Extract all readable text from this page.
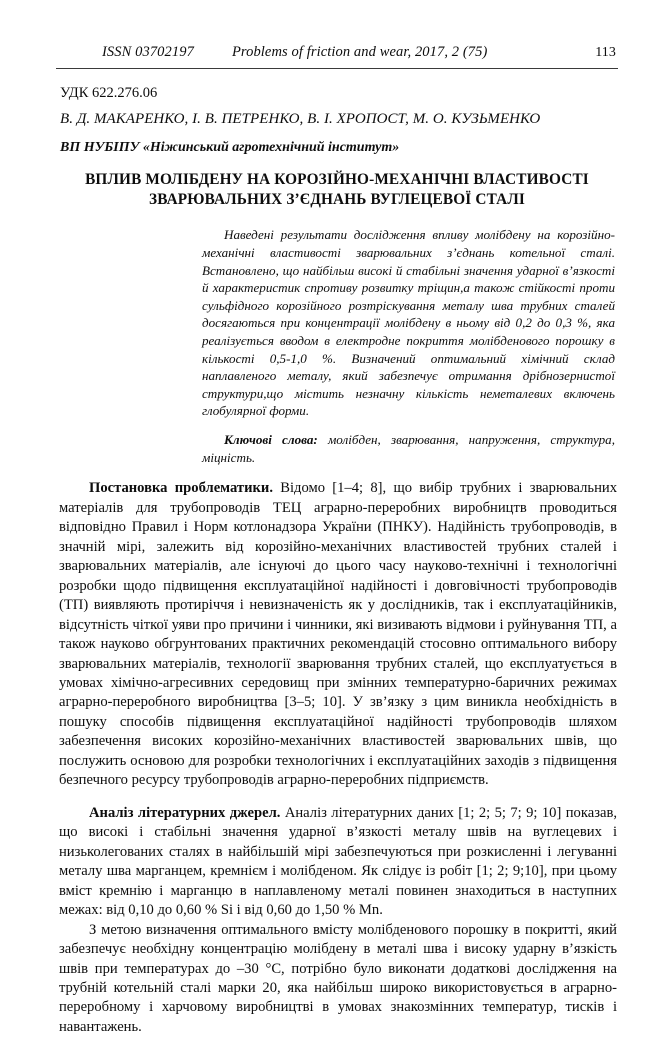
ISSN 03702197	Problems of friction and wear, 2017, 2 (75)	113
УДК 622.276.06
В. Д. МАКАРЕНКО, І. В. ПЕТРЕНКО, В. І. ХРОПОСТ, М. О. КУЗЬМЕНКО
ВП НУБІПУ «Ніжинський агротехнічний інститут»
ВПЛИВ МОЛІБДЕНУ НА КОРОЗІЙНО-МЕХАНІЧНІ ВЛАСТИВОСТІ ЗВАРЮВАЛЬНИХ З’ЄДНАНЬ ВУГЛЕЦЕВОЇ СТАЛІ
Наведені результати дослідження впливу молібдену на корозійно-механічні властивості зварювальних з’єднань котельної сталі. Встановлено, що найбільш високі й стабільні значення ударної в’язкості й характеристик спротиву розвитку тріщин,а також стійкості проти сульфідного корозійного розтріскування металу шва трубних сталей досягаються при концентрації молібдену в ньому від 0,2 до 0,3 %, яка реалізується вводом в електродне покриття молібденового порошку в кількості 0,5-1,0 %. Визначений оптимальний хімічний склад наплавленого металу, який забезпечує отримання дрібнозернистої структури,що містить незначну кількість неметалевих включень глобулярної форми.
Ключові слова: молібден, зварювання, напруження, структура, міцність.
Постановка проблематики. Відомо [1–4; 8], що вибір трубних і зварювальних матеріалів для трубопроводів ТЕЦ аграрно-переробних виробництв проводиться відповідно Правил і Норм котлонадзора України (ПНКУ). Надійність трубопроводів, в значній мірі, залежить від корозійно-механічних властивостей трубних сталей і зварювальних матеріалів, але існуючі до цього часу науково-технічні і технологічні розробки щодо підвищення експлуатаційної надійності і довговічності трубопроводів (ТП) виявляють протиріччя і невизначеність як у дослідників, так і експлуатаційників, відсутність чіткої уяви про причини і чинники, які визивають відмови і руйнування ТП, а також науково обгрунтованих практичних рекомендацій стосовно оптимального вибору зварювальних матеріалів, технології зварювання трубних сталей, що експлуатується в умовах хімічно-агресивних середовищ при змінних температурно-баричних режимах аграрно-переробного виробництва [3–5; 10]. У зв’язку з цим виникла необхідність в пошуку способів підвищення експлуатаційної надійності трубопроводів шляхом забезпечення високих корозійно-механічних властивостей зварювальних швів, що послужить основою для розробки технологічних і експлуатаційних заходів з підвищення безпечного ресурсу трубопроводів аграрно-переробних підприємств.
Аналіз літературних джерел. Аналіз літературних даних [1; 2; 5; 7; 9; 10] показав, що високі і стабільні значення ударної в’язкості металу швів на вуглецевих і низьколегованих сталях в найбільшій мірі забезпечуються при розкисленні і легуванні металу шва марганцем, кремнієм і молібденом. Як слідує із робіт [1; 2; 9;10], при цьому вміст кремнію і марганцю в наплавленому металі повинен знаходиться в наступних межах: від 0,10 до 0,60 % Si і від 0,60 до 1,50 % Mn.
З метою визначення оптимального вмісту молібденового порошку в покритті, який забезпечує необхідну концентрацію молібдену в металі шва і високу ударну в’язкість швів при температурах до –30 °С, потрібно було виконати додаткові дослідження на трубній котельній сталі марки 20, яка найбільш широко використовується в аграрно-переробному і харчовому виробництві в умовах знакозмінних температур, тисків і навантажень.
